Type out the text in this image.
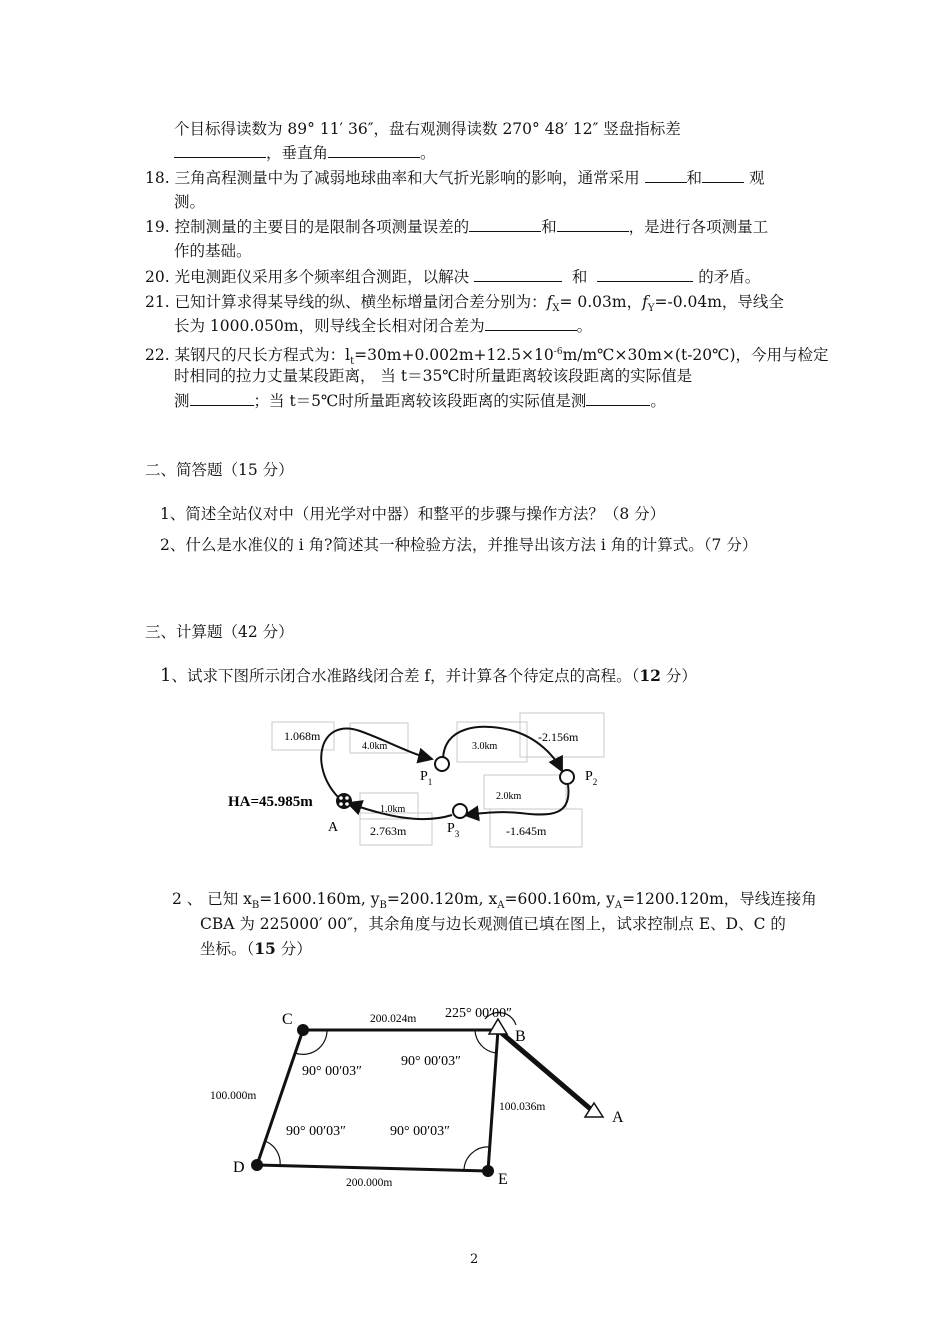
个目标得读数为 89° 11′ 36″，盘右观测得读数 270° 48′ 12″ 竖盘指标差
，垂直角	。
18. 三角高程测量中为了减弱地球曲率和大气折光影响的影响，通常采用	和	观
测。
19. 控制测量的主要目的是限制各项测量误差的	和	，是进行各项测量工
作的基础。
20. 光电测距仪采用多个频率组合测距，以解决	和	的矛盾。
21. 已知计算求得某导线的纵、横坐标增量闭合差分别为：$f_X= 0.03m$，$f_Y=-0.04m$，导线全
长为 1000.050m，则导线全长相对闭合差为	。
22. 某钢尺的尺长方程式为：$l_t=30m+0.002m+12.5\times 10^{-6}m/m℃\times 30m\times(t-20℃)$，今用与检定
时相同的拉力丈量某段距离， 当 t＝35℃时所量距离较该段距离的实际值是
测	；当 t＝5℃时所量距离较该段距离的实际值是测	。
二、简答题（15 分）
1、简述全站仪对中（用光学对中器）和整平的步骤与操作方法？（8 分）
2、什么是水准仪的 i 角?简述其一种检验方法，并推导出该方法 i 角的计算式。（7 分）
三、计算题（42 分）
1、试求下图所示闭合水准路线闭合差 f，并计算各个待定点的高程。（12 分）
HA=45.985m
A
$P_1$	$P_2$
$P_3$
1.068m
4.0km	3.0km
-2.156m
2.0km
-1.645m
1.0km
2.763m
2 、 已知 $x_B=1600.160m$, $y_B=200.120m$, $x_A=600.160m$, $y_A=1200.120m$，导线连接角
CBA 为 225000′ 00″，其余角度与边长观测值已填在图上，试求控制点 E、D、C 的
坐标。（15 分）
C
B
A
D
E
200.024m
100.000m
100.036m
200.000m
225° 00′00″
90° 00′03″
90° 00′03″
90° 00′03″	90° 00′03″
2
